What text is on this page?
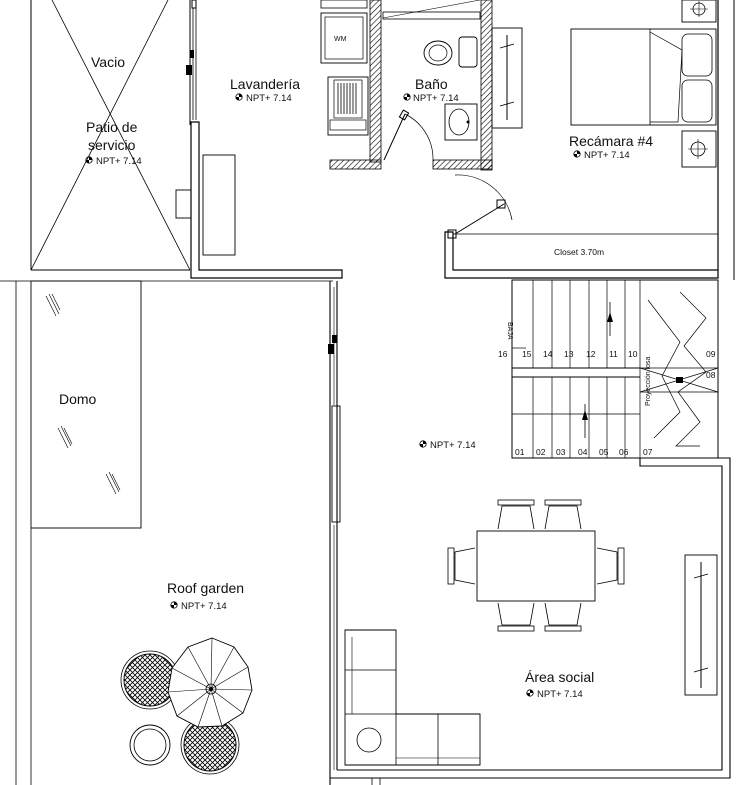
WM
Lavandería
NPT+ 7.14
Baño
NPT+ 7.14
Recámara #4
NPT+ 7.14
Closet 3.70m
Domo
BAJA
Proyección losa
16 15 14 13 12 11 10	09
08
01 02 03 04 05 06 07
NPT+ 7.14
Área social
NPT+ 7.14
Roof garden
NPT+ 7.14
Vacio
Patio de
servicio
NPT+ 7.14
